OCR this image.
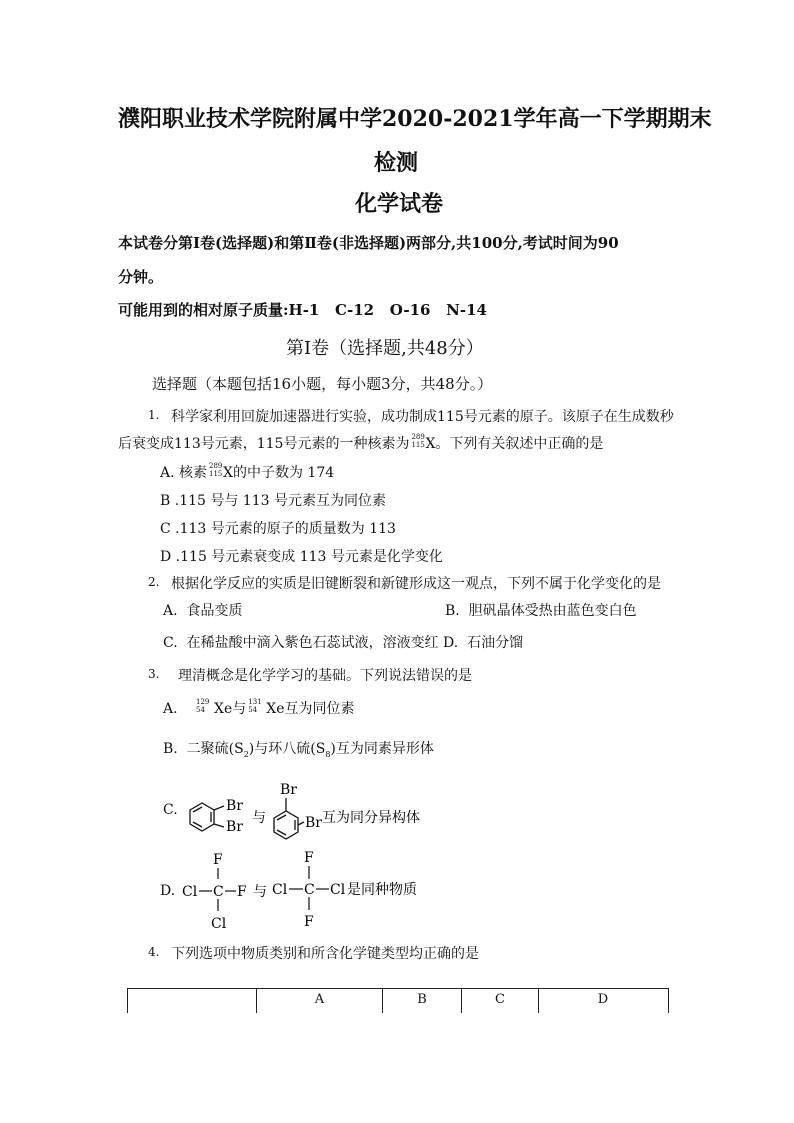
濮阳职业技术学院附属中学2020-2021学年高一下学期期末
检测
化学试卷
本试卷分第Ⅰ卷(选择题)和第Ⅱ卷(非选择题)两部分,共100分,考试时间为90
分钟。
可能用到的相对原子质量:H-1   C-12   O-16   N-14
第Ⅰ卷（选择题,共48分）
选择题（本题包括16小题，每小题3分，共48分。）
1. 科学家利用回旋加速器进行实验，成功制成115号元素的原子。该原子在生成数秒
后衰变成113号元素，115号元素的一种核素为 289
115 X。下列有关叙述中正确的是
A. 核素 289
115 X的中子数为 174
B .115 号与 113 号元素互为同位素
C .113 号元素的原子的质量数为 113
D .115 号元素衰变成 113 号元素是化学变化
2. 根据化学反应的实质是旧键断裂和新键形成这一观点，下列不属于化学变化的是
A.  食品变质	B.  胆矾晶体受热由蓝色变白色
C.  在稀盐酸中滴入紫色石蕊试液，溶液变红 D.  石油分馏
3. 理清概念是化学学习的基础。下列说法错误的是
A.	129
54 Xe与 131
54 Xe互为同位素
B.  二聚硫$(S_2)$与环八硫$(S_8)$互为同素异形体
C.	Br
Br
与
Br
Br 互为同分异构体
D.
F
Cl C F
Cl
与
F
Cl C Cl
F
是同种物质
4. 下列选项中物质类别和所含化学键类型均正确的是
A	B	C	D
